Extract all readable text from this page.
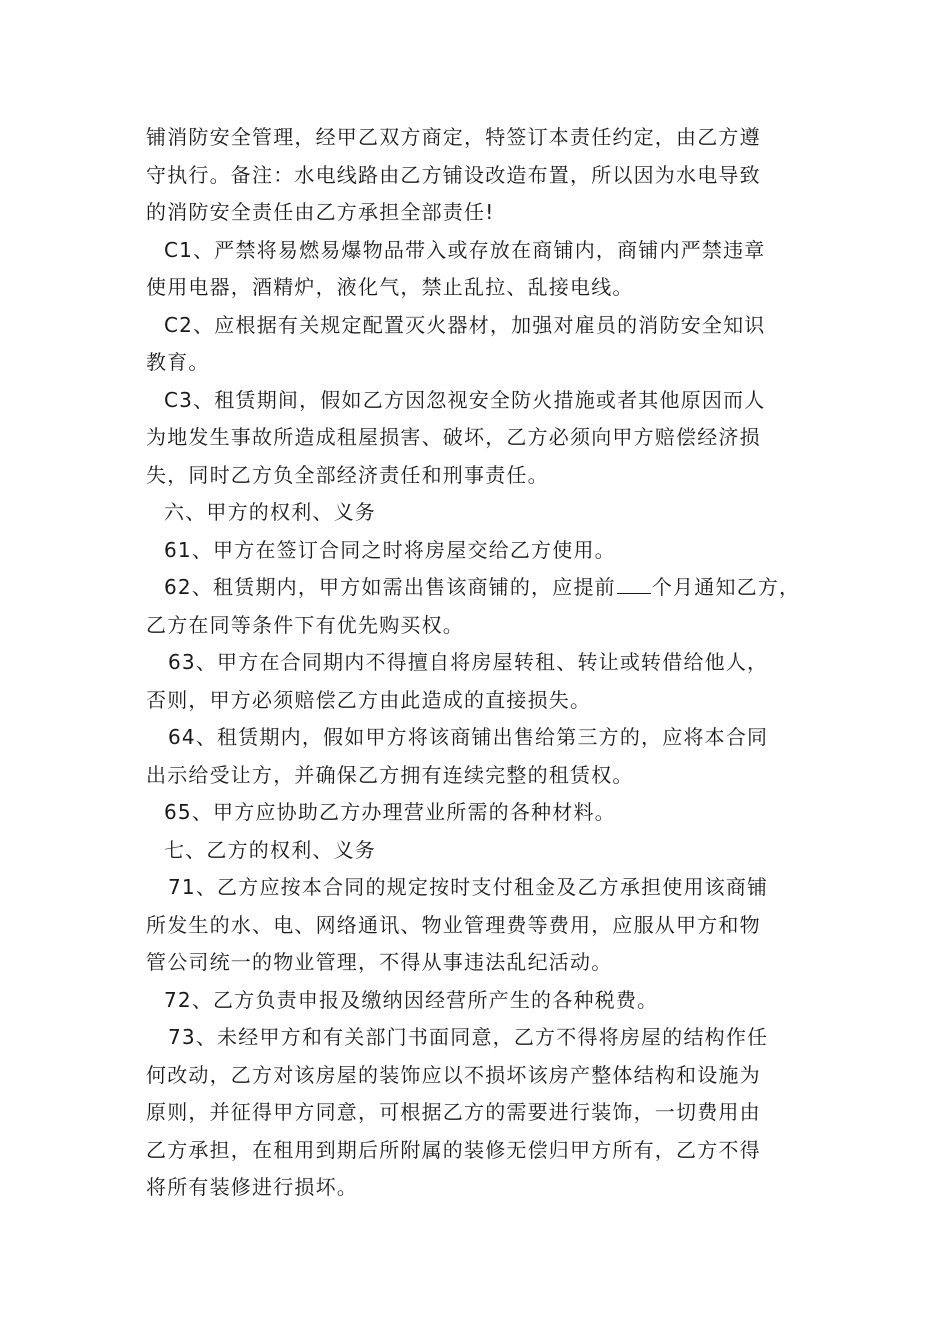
铺消防安全管理，经甲乙双方商定，特签订本责任约定，由乙方遵
守执行。备注：水电线路由乙方铺设改造布置，所以因为水电导致
的消防安全责任由乙方承担全部责任!

C1、严禁将易燃易爆物品带入或存放在商铺内，商铺内严禁违章
使用电器，酒精炉，液化气，禁止乱拉、乱接电线。

C2、应根据有关规定配置灭火器材，加强对雇员的消防安全知识
教育。

C3、租赁期间，假如乙方因忽视安全防火措施或者其他原因而人
为地发生事故所造成租屋损害、破坏，乙方必须向甲方赔偿经济损
失，同时乙方负全部经济责任和刑事责任。

六、甲方的权利、义务

61、甲方在签订合同之时将房屋交给乙方使用。

62、租赁期内，甲方如需出售该商铺的，应提前 个月通知乙方，
乙方在同等条件下有优先购买权。

63、甲方在合同期内不得擅自将房屋转租、转让或转借给他人，
否则，甲方必须赔偿乙方由此造成的直接损失。

64、租赁期内，假如甲方将该商铺出售给第三方的，应将本合同
出示给受让方，并确保乙方拥有连续完整的租赁权。

65、甲方应协助乙方办理营业所需的各种材料。

七、乙方的权利、义务

71、乙方应按本合同的规定按时支付租金及乙方承担使用该商铺
所发生的水、电、网络通讯、物业管理费等费用，应服从甲方和物
管公司统一的物业管理，不得从事违法乱纪活动。

72、乙方负责申报及缴纳因经营所产生的各种税费。

73、未经甲方和有关部门书面同意，乙方不得将房屋的结构作任
何改动，乙方对该房屋的装饰应以不损坏该房产整体结构和设施为
原则，并征得甲方同意，可根据乙方的需要进行装饰，一切费用由
乙方承担，在租用到期后所附属的装修无偿归甲方所有，乙方不得
将所有装修进行损坏。
